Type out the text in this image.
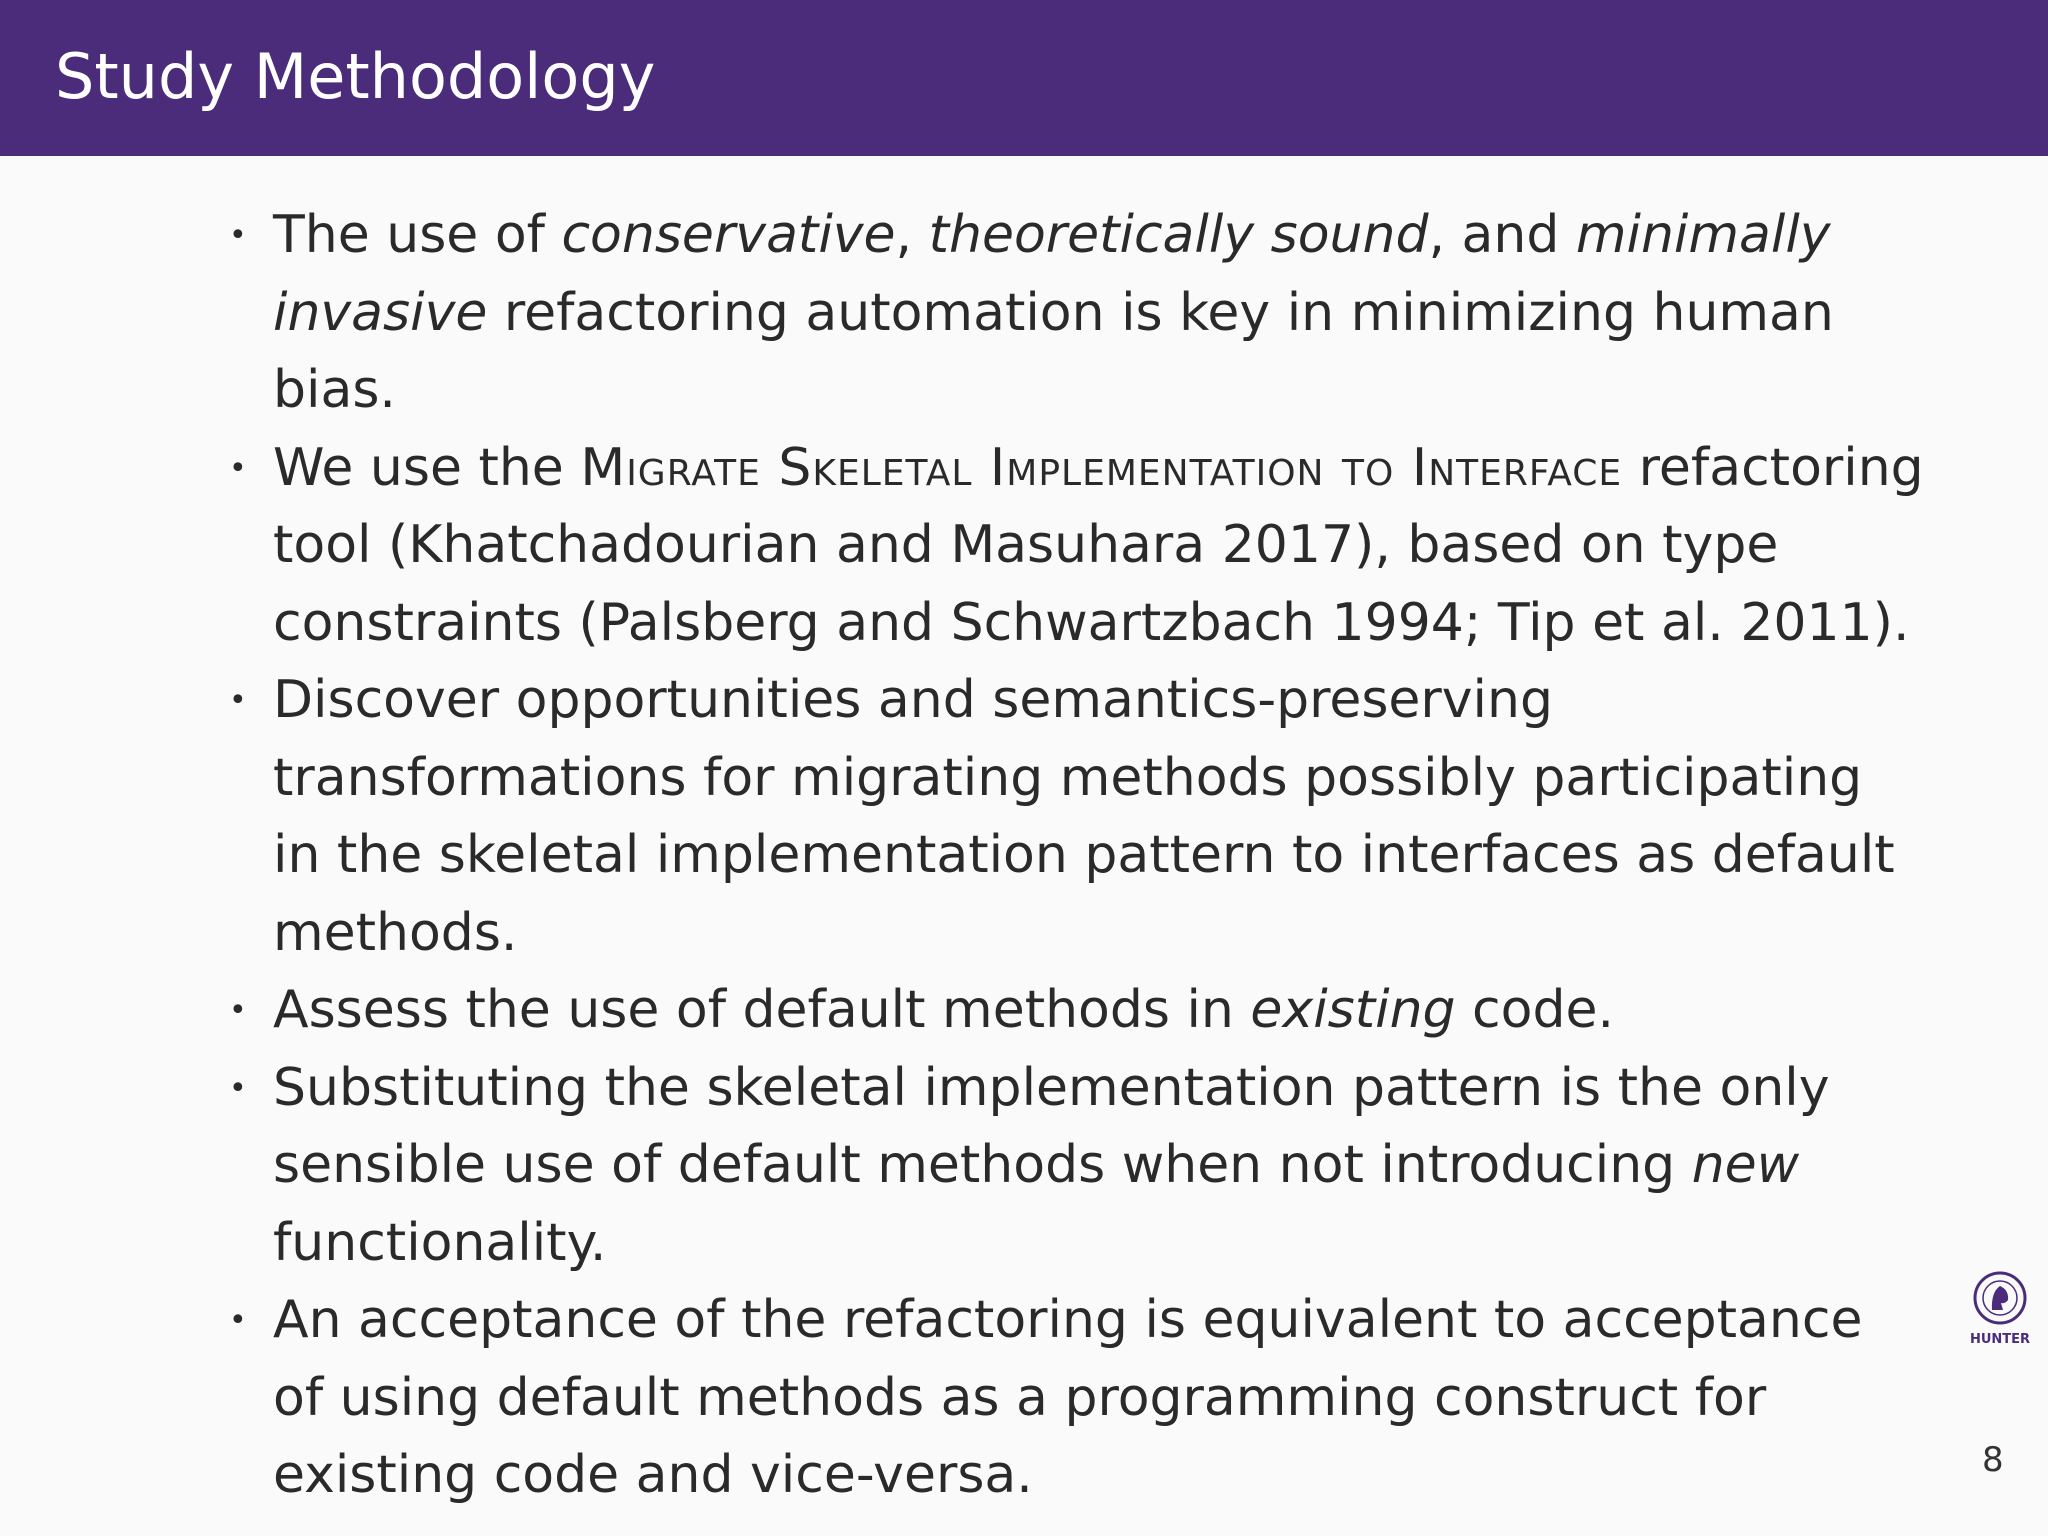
Study Methodology
• The use of conservative, theoretically sound, and minimally invasive refactoring automation is key in minimizing human bias.
• We use the Migrate Skeletal Implementation to Interface refactoring tool (Khatchadourian and Masuhara 2017), based on type constraints (Palsberg and Schwartzbach 1994; Tip et al. 2011).
• Discover opportunities and semantics-preserving transformations for migrating methods possibly participating in the skeletal implementation pattern to interfaces as default methods.
• Assess the use of default methods in existing code.
• Substituting the skeletal implementation pattern is the only sensible use of default methods when not introducing new functionality.
• An acceptance of the refactoring is equivalent to acceptance of using default methods as a programming construct for existing code and vice-versa.
HUNTER
8
